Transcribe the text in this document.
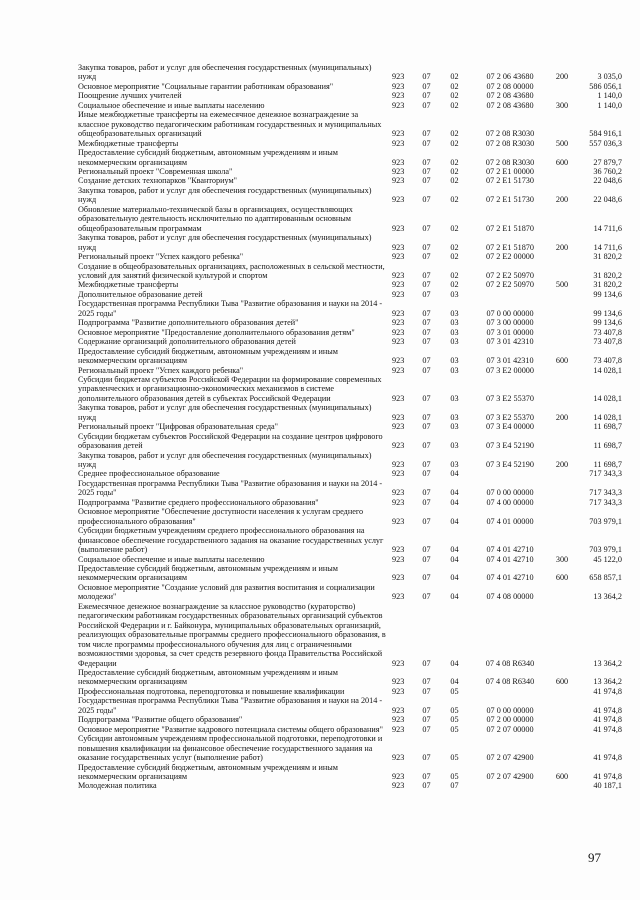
Закупка товаров, работ и услуг для обеспечения государственных (муниципальных) нужд	923	07	02	07 2 06 43680	200	3 035,0
Основное мероприятие "Социальные гарантии работникам образования"	923	07	02	07 2 08 00000		586 056,1
Поощрение лучших учителей	923	07	02	07 2 08 43680		1 140,0
Социальное обеспечение и иные выплаты населению	923	07	02	07 2 08 43680	300	1 140,0
Иные межбюджетные трансферты на ежемесячное денежное вознаграждение за классное руководство педагогическим работникам государственных и муниципальных общеобразовательных организаций	923	07	02	07 2 08 R3030		584 916,1
Межбюджетные трансферты	923	07	02	07 2 08 R3030	500	557 036,3
Предоставление субсидий бюджетным, автономным учреждениям и иным некоммерческим организациям	923	07	02	07 2 08 R3030	600	27 879,7
Региональный проект "Современная школа"	923	07	02	07 2 E1 00000		36 760,2
Создание детских технопарков "Кванториум"	923	07	02	07 2 E1 51730		22 048,6
Закупка товаров, работ и услуг для обеспечения государственных (муниципальных) нужд	923	07	02	07 2 E1 51730	200	22 048,6
Обновление материально-технической базы в организациях, осуществляющих образовательную деятельность исключительно по адаптированным основным общеобразовательным программам	923	07	02	07 2 E1 51870		14 711,6
Закупка товаров, работ и услуг для обеспечения государственных (муниципальных) нужд	923	07	02	07 2 E1 51870	200	14 711,6
Региональный проект "Успех каждого ребенка"	923	07	02	07 2 E2 00000		31 820,2
Создание в общеобразовательных организациях, расположенных в сельской местности, условий для занятий физической культурой и спортом	923	07	02	07 2 E2 50970		31 820,2
Межбюджетные трансферты	923	07	02	07 2 E2 50970	500	31 820,2
Дополнительное образование детей	923	07	03			99 134,6
Государственная программа Республики Тыва "Развитие образования и науки на 2014 - 2025 годы"	923	07	03	07 0 00 00000		99 134,6
Подпрограмма "Развитие дополнительного образования детей"	923	07	03	07 3 00 00000		99 134,6
Основное мероприятие "Предоставление дополнительного образования детям"	923	07	03	07 3 01 00000		73 407,8
Содержание организаций дополнительного образования детей	923	07	03	07 3 01 42310		73 407,8
Предоставление субсидий бюджетным, автономным учреждениям и иным некоммерческим организациям	923	07	03	07 3 01 42310	600	73 407,8
Региональный проект "Успех каждого ребенка"	923	07	03	07 3 E2 00000		14 028,1
Субсидии бюджетам субъектов Российской Федерации на формирование современных управленческих и организационно-экономических механизмов в системе дополнительного образования детей в субъектах Российской Федерации	923	07	03	07 3 E2 55370		14 028,1
Закупка товаров, работ и услуг для обеспечения государственных (муниципальных) нужд	923	07	03	07 3 E2 55370	200	14 028,1
Региональный проект "Цифровая образовательная среда"	923	07	03	07 3 E4 00000		11 698,7
Субсидии бюджетам субъектов Российской Федерации на создание центров цифрового образования детей	923	07	03	07 3 E4 52190		11 698,7
Закупка товаров, работ и услуг для обеспечения государственных (муниципальных) нужд	923	07	03	07 3 E4 52190	200	11 698,7
Среднее профессиональное образование	923	07	04			717 343,3
Государственная программа Республики Тыва "Развитие образования и науки на 2014 - 2025 годы"	923	07	04	07 0 00 00000		717 343,3
Подпрограмма "Развитие среднего профессионального образования"	923	07	04	07 4 00 00000		717 343,3
Основное мероприятие "Обеспечение доступности населения к услугам среднего профессионального образования"	923	07	04	07 4 01 00000		703 979,1
Субсидии бюджетным учреждениям среднего профессионального образования на финансовое обеспечение государственного задания на оказание государственных услуг (выполнение работ)	923	07	04	07 4 01 42710		703 979,1
Социальное обеспечение и иные выплаты населению	923	07	04	07 4 01 42710	300	45 122,0
Предоставление субсидий бюджетным, автономным учреждениям и иным некоммерческим организациям	923	07	04	07 4 01 42710	600	658 857,1
Основное мероприятие "Создание условий для развития воспитания и социализации молодежи"	923	07	04	07 4 08 00000		13 364,2
Ежемесячное денежное вознаграждение за классное руководство (кураторство) педагогическим работникам государственных образовательных организаций субъектов Российской Федерации и г. Байконура, муниципальных образовательных организаций, реализующих образовательные программы среднего профессионального образования, в том числе программы профессионального обучения для лиц с ограниченными возможностями здоровья, за счет средств резервного фонда Правительства Российской Федерации	923	07	04	07 4 08 R6340		13 364,2
Предоставление субсидий бюджетным, автономным учреждениям и иным некоммерческим организациям	923	07	04	07 4 08 R6340	600	13 364,2
Профессиональная подготовка, переподготовка и повышение квалификации	923	07	05			41 974,8
Государственная программа Республики Тыва "Развитие образования и науки на 2014 - 2025 годы"	923	07	05	07 0 00 00000		41 974,8
Подпрограмма "Развитие общего образования"	923	07	05	07 2 00 00000		41 974,8
Основное мероприятие "Развитие кадрового потенциала системы общего образования"	923	07	05	07 2 07 00000		41 974,8
Субсидии автономным учреждениям профессиональной подготовки, переподготовки и повышения квалификации на финансовое обеспечение государственного задания на оказание государственных услуг (выполнение работ)	923	07	05	07 2 07 42900		41 974,8
Предоставление субсидий бюджетным, автономным учреждениям и иным некоммерческим организациям	923	07	05	07 2 07 42900	600	41 974,8
Молодежная политика	923	07	07			40 187,1
97
